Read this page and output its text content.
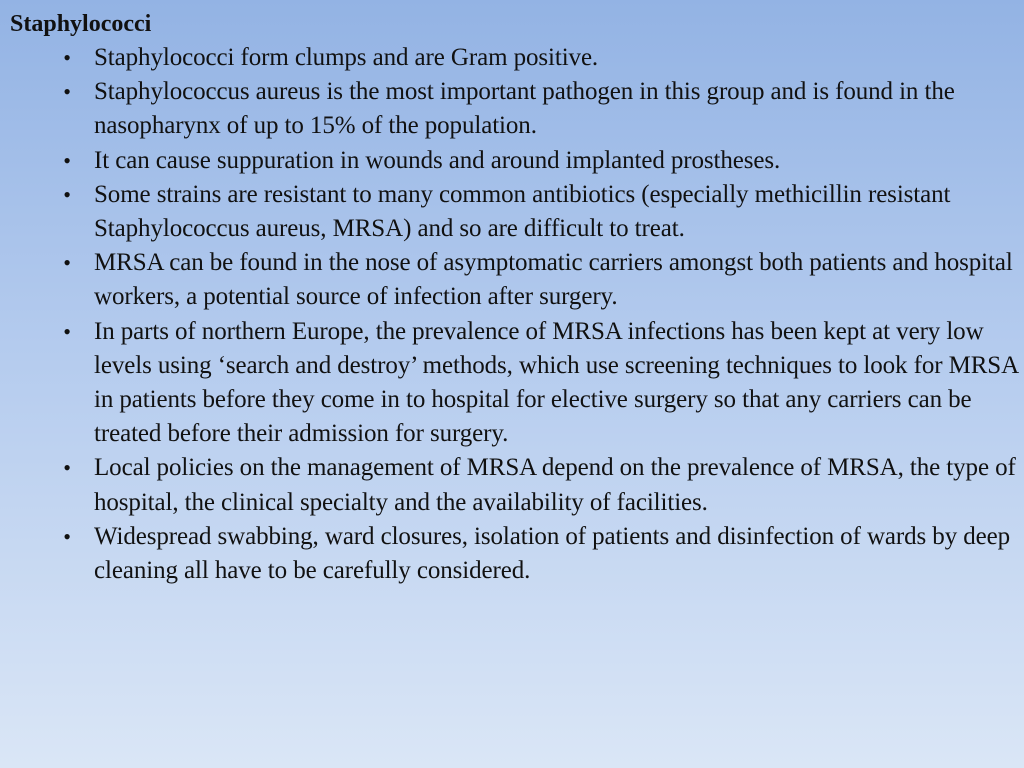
Staphylococci
• Staphylococci form clumps and are Gram positive.
• Staphylococcus aureus is the most important pathogen in this group and is found in the nasopharynx of up to 15% of the population.
• It can cause suppuration in wounds and around implanted prostheses.
• Some strains are resistant to many common antibiotics (especially methicillin resistant Staphylococcus aureus, MRSA) and so are difficult to treat.
• MRSA can be found in the nose of asymptomatic carriers amongst both patients and hospital workers, a potential source of infection after surgery.
• In parts of northern Europe, the prevalence of MRSA infections has been kept at very low levels using ‘search and destroy’ methods, which use screening techniques to look for MRSA in patients before they come in to hospital for elective surgery so that any carriers can be treated before their admission for surgery.
• Local policies on the management of MRSA depend on the prevalence of MRSA, the type of hospital, the clinical specialty and the availability of facilities.
• Widespread swabbing, ward closures, isolation of patients and disinfection of wards by deep cleaning all have to be carefully considered.
